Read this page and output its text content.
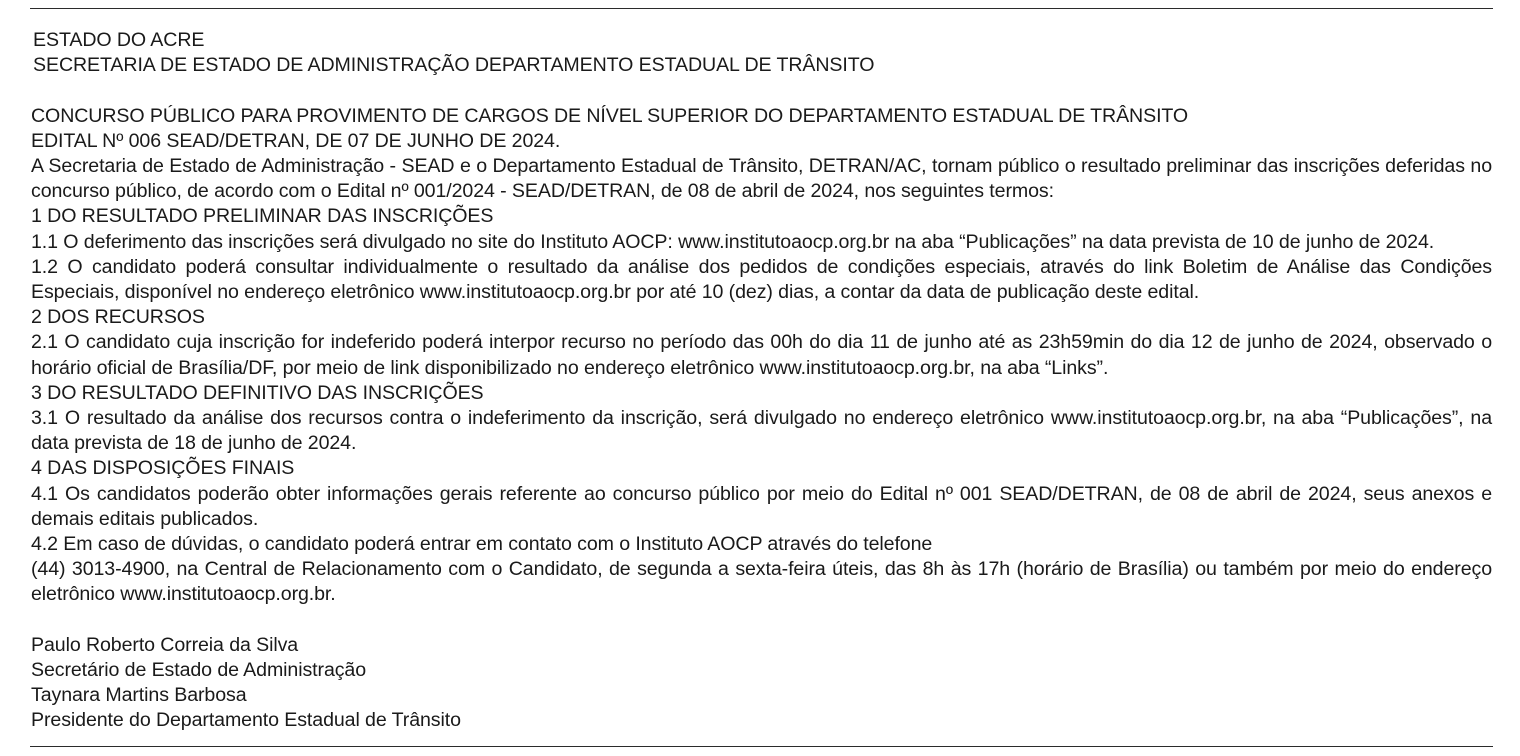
ESTADO DO ACRE

SECRETARIA DE ESTADO DE ADMINISTRAÇÃO DEPARTAMENTO ESTADUAL DE TRÂNSITO

CONCURSO PÚBLICO PARA PROVIMENTO DE CARGOS DE NÍVEL SUPERIOR DO DEPARTAMENTO ESTADUAL DE TRÂNSITO

EDITAL Nº 006 SEAD/DETRAN, DE 07 DE JUNHO DE 2024.

A Secretaria de Estado de Administração - SEAD e o Departamento Estadual de Trânsito, DETRAN/AC, tornam público o resultado preliminar das inscrições deferidas no concurso público, de acordo com o Edital nº 001/2024 - SEAD/DETRAN, de 08 de abril de 2024, nos seguintes termos:

1 DO RESULTADO PRELIMINAR DAS INSCRIÇÕES

1.1 O deferimento das inscrições será divulgado no site do Instituto AOCP: www.institutoaocp.org.br na aba “Publicações” na data prevista de 10 de junho de 2024.

1.2 O candidato poderá consultar individualmente o resultado da análise dos pedidos de condições especiais, através do link Boletim de Análise das Condições Especiais, disponível no endereço eletrônico www.institutoaocp.org.br por até 10 (dez) dias, a contar da data de publicação deste edital.

2 DOS RECURSOS

2.1 O candidato cuja inscrição for indeferido poderá interpor recurso no período das 00h do dia 11 de junho até as 23h59min do dia 12 de junho de 2024, observado o horário oficial de Brasília/DF, por meio de link disponibilizado no endereço eletrônico www.institutoaocp.org.br, na aba “Links”.

3 DO RESULTADO DEFINITIVO DAS INSCRIÇÕES

3.1 O resultado da análise dos recursos contra o indeferimento da inscrição, será divulgado no endereço eletrônico www.institutoaocp.org.br, na aba “Publicações”, na data prevista de 18 de junho de 2024.

4 DAS DISPOSIÇÕES FINAIS

4.1 Os candidatos poderão obter informações gerais referente ao concurso público por meio do Edital nº 001 SEAD/DETRAN, de 08 de abril de 2024, seus anexos e demais editais publicados.

4.2 Em caso de dúvidas, o candidato poderá entrar em contato com o Instituto AOCP através do telefone

(44) 3013-4900, na Central de Relacionamento com o Candidato, de segunda a sexta-feira úteis, das 8h às 17h (horário de Brasília) ou também por meio do endereço eletrônico www.institutoaocp.org.br.

Paulo Roberto Correia da Silva

Secretário de Estado de Administração

Taynara Martins Barbosa

Presidente do Departamento Estadual de Trânsito
